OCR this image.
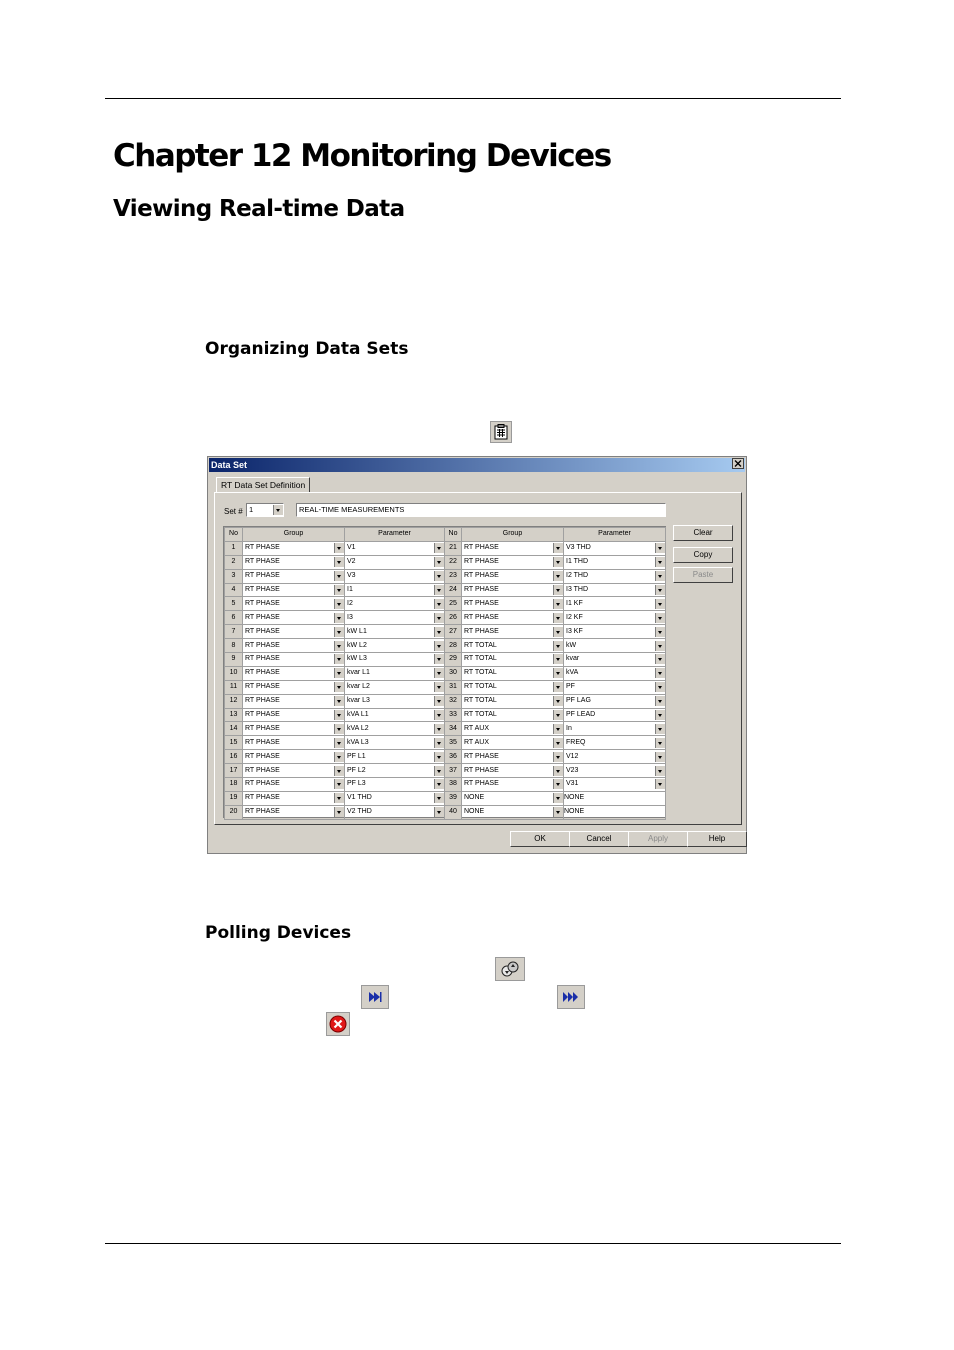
Chapter 12 Monitoring Devices
Viewing Real-time Data
Organizing Data Sets
Data Set
RT Data Set Definition
Set # 1	REAL-TIME MEASUREMENTS
No	Group	Parameter	No	Group	Parameter

1	RT PHASE	V1	21	RT PHASE	V3 THD

2	RT PHASE	V2	22	RT PHASE	I1 THD

3	RT PHASE	V3	23	RT PHASE	I2 THD

4	RT PHASE	I1	24	RT PHASE	I3 THD

5	RT PHASE	I2	25	RT PHASE	I1 KF

6	RT PHASE	I3	26	RT PHASE	I2 KF

7	RT PHASE	kW L1	27	RT PHASE	I3 KF

8	RT PHASE	kW L2	28	RT TOTAL	kW

9	RT PHASE	kW L3	29	RT TOTAL	kvar

10	RT PHASE	kvar L1	30	RT TOTAL	kVA

11	RT PHASE	kvar L2	31	RT TOTAL	PF

12	RT PHASE	kvar L3	32	RT TOTAL	PF LAG

13	RT PHASE	kVA L1	33	RT TOTAL	PF LEAD

14	RT PHASE	kVA L2	34	RT AUX	In

15	RT PHASE	kVA L3	35	RT AUX	FREQ

16	RT PHASE	PF L1	36	RT PHASE	V12

17	RT PHASE	PF L2	37	RT PHASE	V23

18	RT PHASE	PF L3	38	RT PHASE	V31

19	RT PHASE	V1 THD	39	NONE	NONE

20	RT PHASE	V2 THD	40	NONE	NONE
Clear
Copy
Paste
OK	Cancel	Apply	Help
Polling Devices
